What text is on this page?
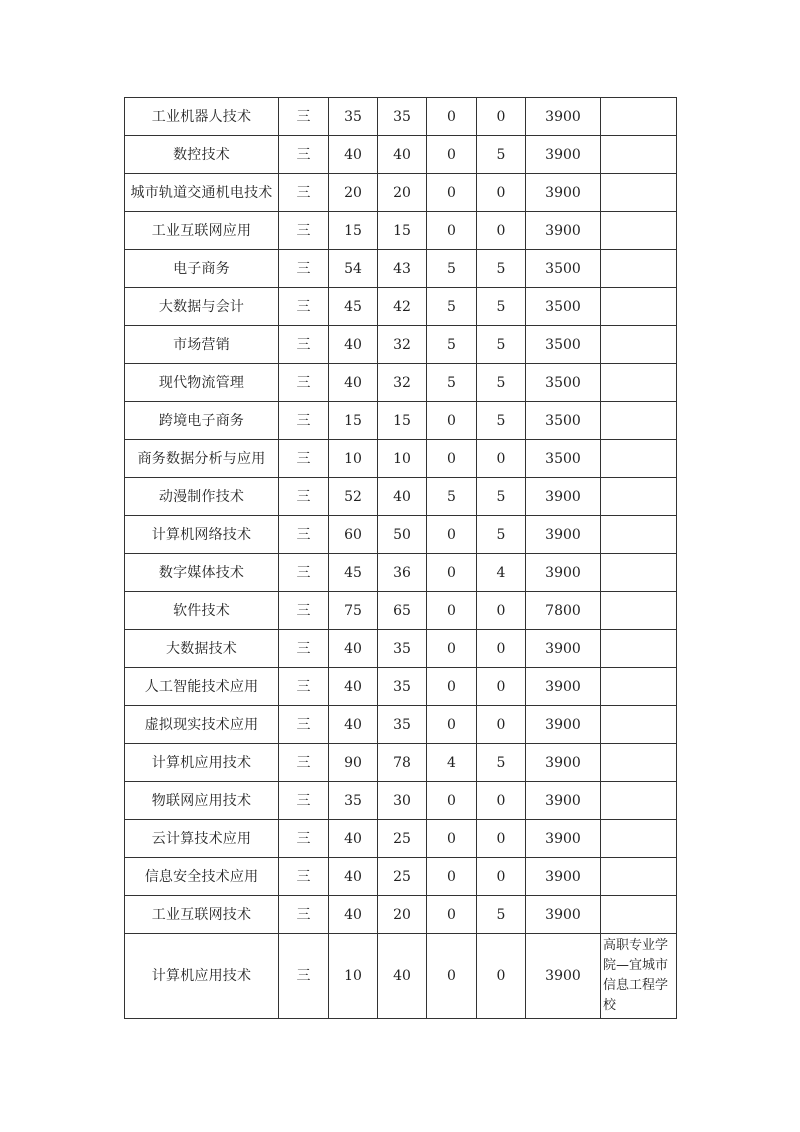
工业机器人技术	三	35	35	0	0	3900	
数控技术	三	40	40	0	5	3900	
城市轨道交通机电技术	三	20	20	0	0	3900	
工业互联网应用	三	15	15	0	0	3900	
电子商务	三	54	43	5	5	3500	
大数据与会计	三	45	42	5	5	3500	
市场营销	三	40	32	5	5	3500	
现代物流管理	三	40	32	5	5	3500	
跨境电子商务	三	15	15	0	5	3500	
商务数据分析与应用	三	10	10	0	0	3500	
动漫制作技术	三	52	40	5	5	3900	
计算机网络技术	三	60	50	0	5	3900	
数字媒体技术	三	45	36	0	4	3900	
软件技术	三	75	65	0	0	7800	
大数据技术	三	40	35	0	0	3900	
人工智能技术应用	三	40	35	0	0	3900	
虚拟现实技术应用	三	40	35	0	0	3900	
计算机应用技术	三	90	78	4	5	3900	
物联网应用技术	三	35	30	0	0	3900	
云计算技术应用	三	40	25	0	0	3900	
信息安全技术应用	三	40	25	0	0	3900	
工业互联网技术	三	40	20	0	5	3900	
计算机应用技术	三	10	40	0	0	3900	高职专业学院—宜城市信息工程学校
